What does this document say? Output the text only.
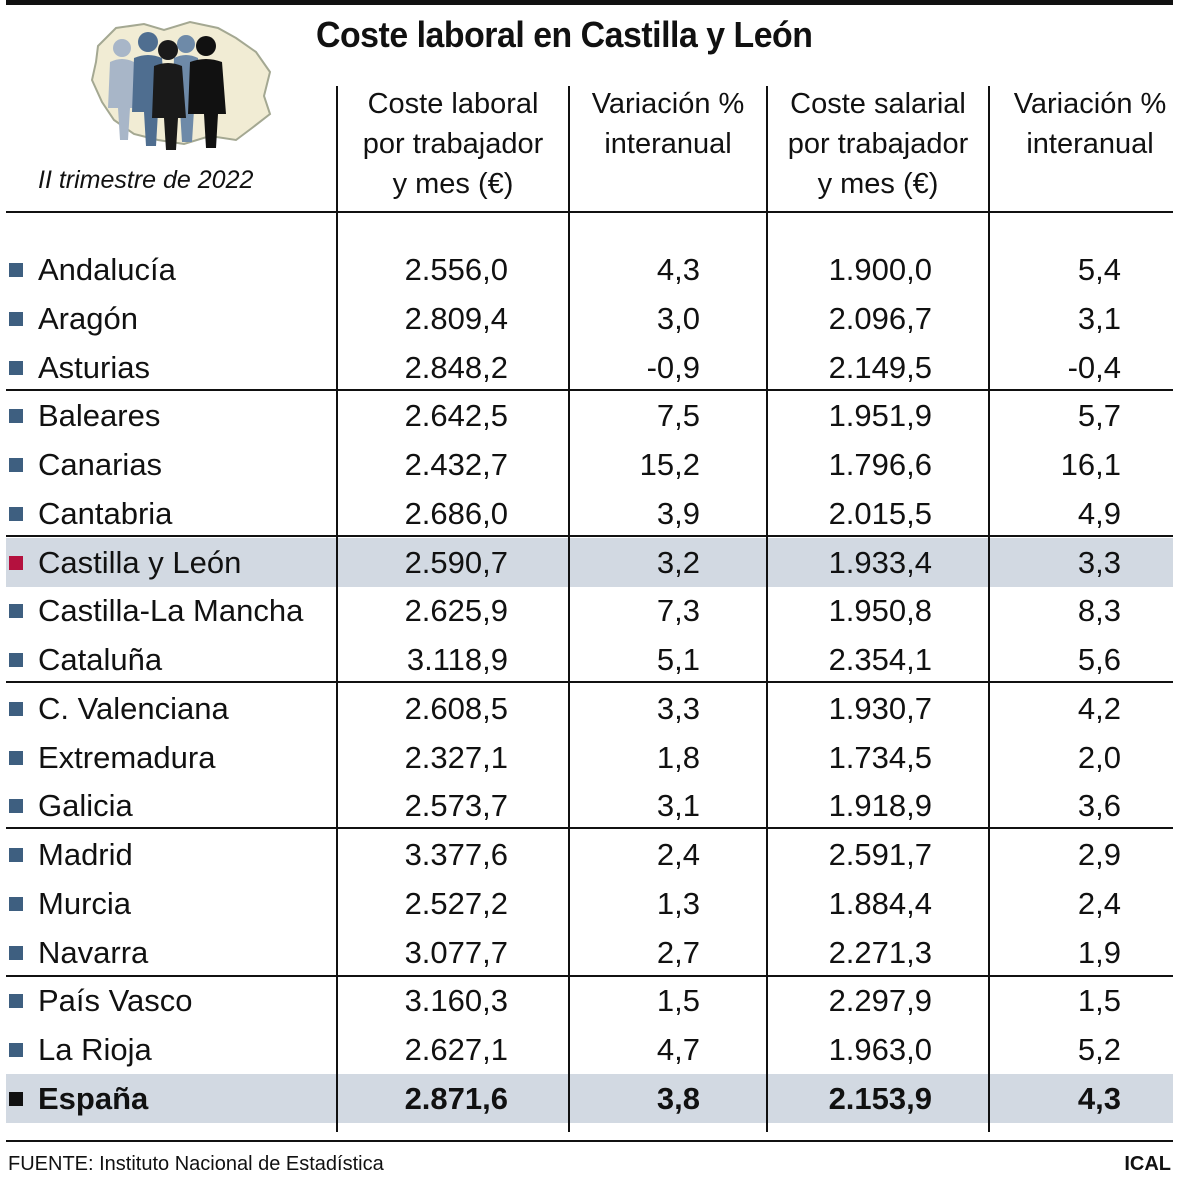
Coste laboral en Castilla y León
II trimestre de 2022
Coste laboral
por trabajador
y mes (€)
Variación %
interanual
Coste salarial
por trabajador
y mes (€)
Variación %
interanual
Andalucía	2.556,0	4,3	1.900,0	5,4
Aragón	2.809,4	3,0	2.096,7	3,1
Asturias	2.848,2	-0,9	2.149,5	-0,4
Baleares	2.642,5	7,5	1.951,9	5,7
Canarias	2.432,7	15,2	1.796,6	16,1
Cantabria	2.686,0	3,9	2.015,5	4,9
Castilla y León	2.590,7	3,2	1.933,4	3,3
Castilla-La Mancha	2.625,9	7,3	1.950,8	8,3
Cataluña	3.118,9	5,1	2.354,1	5,6
C. Valenciana	2.608,5	3,3	1.930,7	4,2
Extremadura	2.327,1	1,8	1.734,5	2,0
Galicia	2.573,7	3,1	1.918,9	3,6
Madrid	3.377,6	2,4	2.591,7	2,9
Murcia	2.527,2	1,3	1.884,4	2,4
Navarra	3.077,7	2,7	2.271,3	1,9
País Vasco	3.160,3	1,5	2.297,9	1,5
La Rioja	2.627,1	4,7	1.963,0	5,2
España	2.871,6	3,8	2.153,9	4,3
FUENTE: Instituto Nacional de Estadística	ICAL
